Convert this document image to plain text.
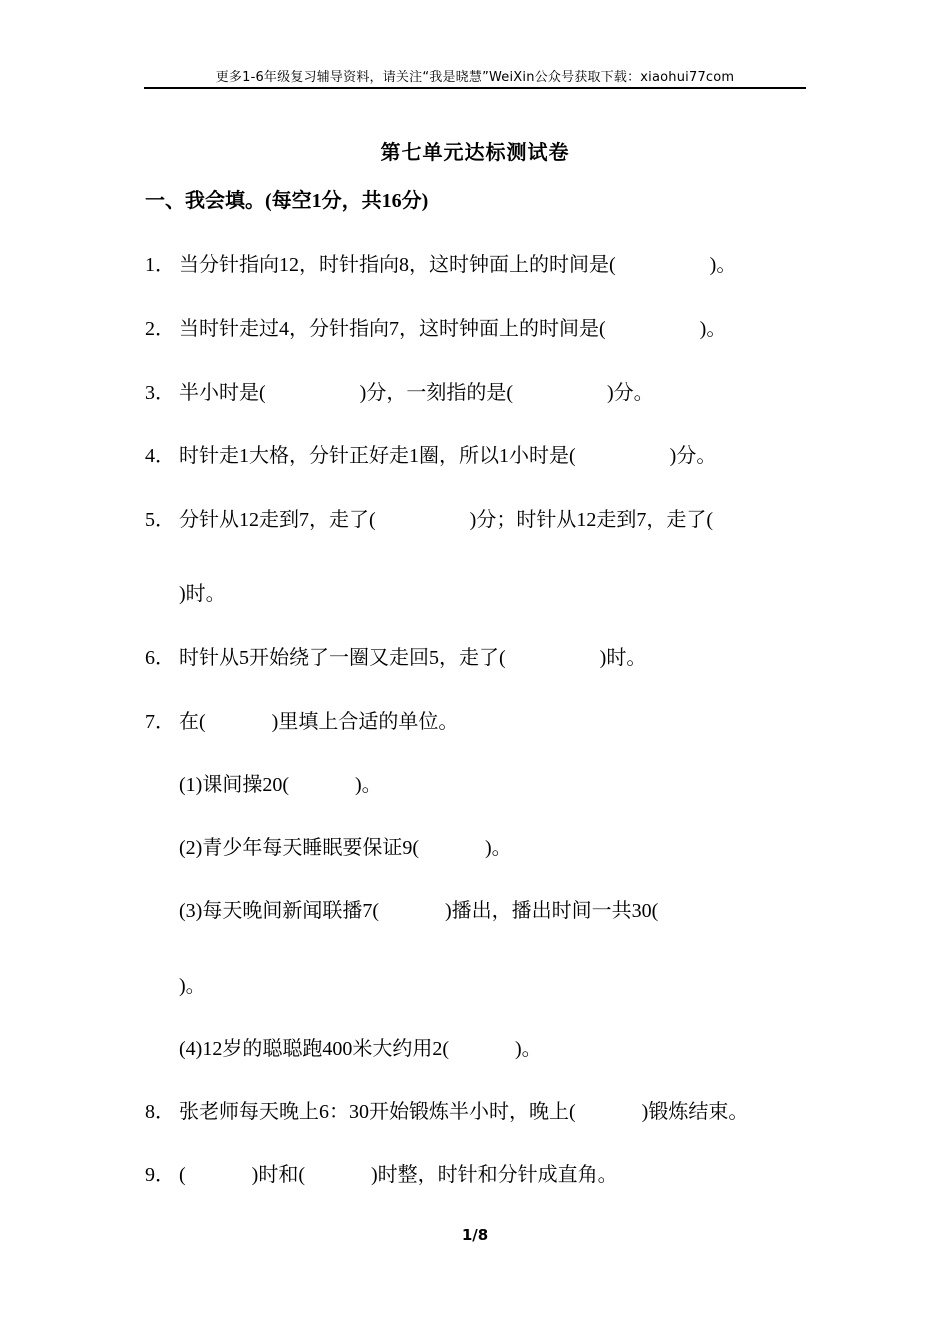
更多1-6年级复习辅导资料，请关注“我是晓慧”WeiXin公众号获取下载：xiaohui77com
第七单元达标测试卷
一、我会填。(每空1分，共16分)
1． 当分针指向12，时针指向8，这时钟面上的时间是(	)。
2． 当时针走过4，分针指向7，这时钟面上的时间是(	)。
3． 半小时是(	)分，一刻指的是(	)分。
4． 时针走1大格，分针正好走1圈，所以1小时是(	)分。
5． 分针从12走到7，走了(	)分；时针从12走到7，走了(
)时。
6． 时针从5开始绕了一圈又走回5，走了(	)时。
7． 在(	)里填上合适的单位。
(1)课间操20(	)。
(2)青少年每天睡眠要保证9(	)。
(3)每天晚间新闻联播7(	)播出，播出时间一共30(
)。
(4)12岁的聪聪跑400米大约用2(	)。
8． 张老师每天晚上6：30开始锻炼半小时，晚上(	)锻炼结束。
9． (	)时和(	)时整，时针和分针成直角。
1/8
